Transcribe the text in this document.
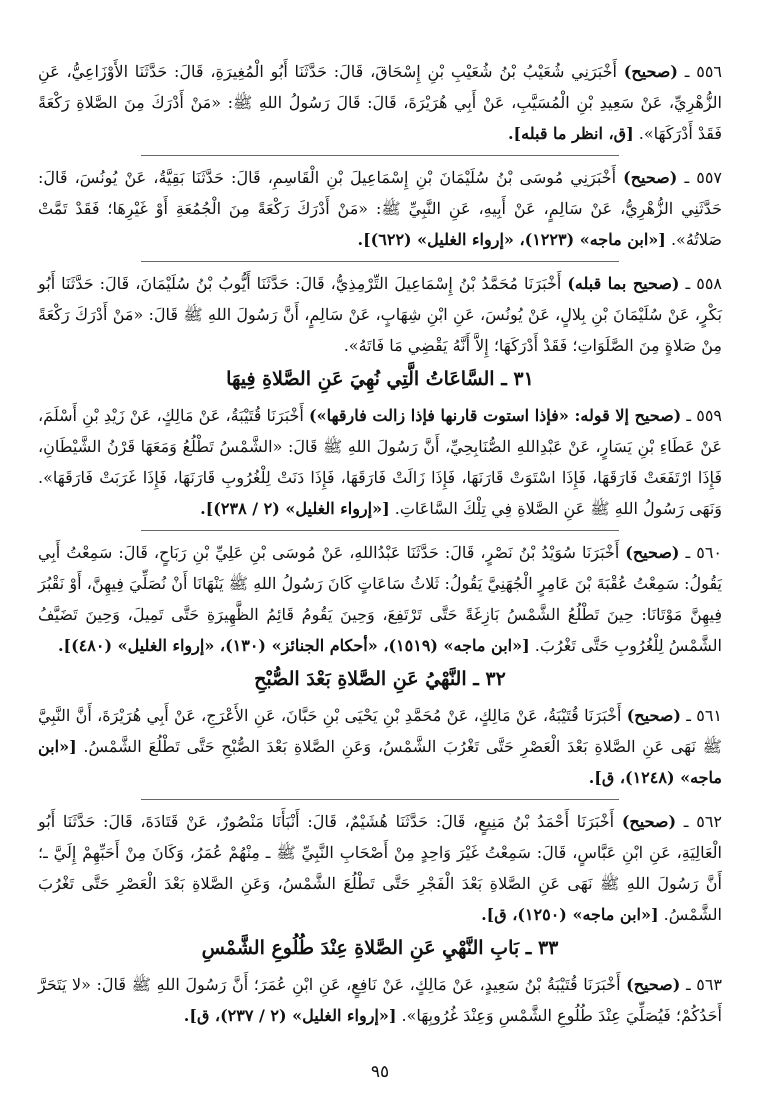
٥٥٦ ـ (صحيح) أَخْبَرَنِي شُعَيْبُ بْنُ شُعَيْبِ بْنِ إِسْحَاقَ، قَالَ: حَدَّثَنَا أَبُو الْمُغِيرَةِ، قَالَ: حَدَّثَنَا الأَوْزَاعِيُّ، عَنِ الزُّهْرِيِّ، عَنْ سَعِيدِ بْنِ الْمُسَيَّبِ، عَنْ أَبِي هُرَيْرَةَ، قَالَ: قَالَ رَسُولُ اللهِ ﷺ: «مَنْ أَدْرَكَ مِنَ الصَّلاةِ رَكْعَةً فَقَدْ أَدْرَكَهَا». [ق، انظر ما قبله].

٥٥٧ ـ (صحيح) أَخْبَرَنِي مُوسَى بْنُ سُلَيْمَانَ بْنِ إِسْمَاعِيلَ بْنِ الْقَاسِمِ، قَالَ: حَدَّثَنَا بَقِيَّةُ، عَنْ يُونُسَ، قَالَ: حَدَّثَنِي الزُّهْرِيُّ، عَنْ سَالِمٍ، عَنْ أَبِيهِ، عَنِ النَّبِيِّ ﷺ: «مَنْ أَدْرَكَ رَكْعَةً مِنَ الْجُمُعَةِ أَوْ غَيْرِهَا؛ فَقَدْ تَمَّتْ صَلاتُهُ». [«ابن ماجه» (١٢٢٣)، «إرواء الغليل» (٦٢٢)].

٥٥٨ ـ (صحيح بما قبله) أَخْبَرَنَا مُحَمَّدُ بْنُ إِسْمَاعِيلَ التِّرْمِذِيُّ، قَالَ: حَدَّثَنَا أَيُّوبُ بْنُ سُلَيْمَانَ، قَالَ: حَدَّثَنَا أَبُو بَكْرٍ، عَنْ سُلَيْمَانَ بْنِ بِلالٍ، عَنْ يُونُسَ، عَنِ ابْنِ شِهَابٍ، عَنْ سَالِمٍ، أَنَّ رَسُولَ اللهِ ﷺ قَالَ: «مَنْ أَدْرَكَ رَكْعَةً مِنْ صَلاةٍ مِنَ الصَّلَوَاتِ؛ فَقَدْ أَدْرَكَهَا؛ إِلاَّ أَنَّهُ يَقْضِي مَا فَاتَهُ».

٣١ ـ السَّاعَاتُ الَّتِي نُهِيَ عَنِ الصَّلاةِ فِيهَا

٥٥٩ ـ (صحيح إلا قوله: «فإذا استوت قارنها فإذا زالت فارقها») أَخْبَرَنَا قُتَيْبَةُ، عَنْ مَالِكٍ، عَنْ زَيْدِ بْنِ أَسْلَمَ، عَنْ عَطَاءِ بْنِ يَسَارٍ، عَنْ عَبْدِاللهِ الصُّنَابِحِيِّ، أَنَّ رَسُولَ اللهِ ﷺ قَالَ: «الشَّمْسُ تَطْلُعُ وَمَعَهَا قَرْنُ الشَّيْطَانِ، فَإِذَا ارْتَفَعَتْ فَارَقَهَا، فَإِذَا اسْتَوَتْ قَارَنَهَا، فَإِذَا زَالَتْ فَارَقَهَا، فَإِذَا دَنَتْ لِلْغُرُوبِ قَارَنَهَا، فَإِذَا غَرَبَتْ فَارَقَهَا». وَنَهَى رَسُولُ اللهِ ﷺ عَنِ الصَّلاةِ فِي تِلْكَ السَّاعَاتِ. [«إرواء الغليل» (٢ / ٢٣٨)].

٥٦٠ ـ (صحيح) أَخْبَرَنَا سُوَيْدُ بْنُ نَصْرٍ، قَالَ: حَدَّثَنَا عَبْدُاللهِ، عَنْ مُوسَى بْنِ عَلِيِّ بْنِ رَبَاحٍ، قَالَ: سَمِعْتُ أَبِي يَقُولُ: سَمِعْتُ عُقْبَةَ بْنَ عَامِرٍ الْجُهَنِيَّ يَقُولُ: ثَلاثُ سَاعَاتٍ كَانَ رَسُولُ اللهِ ﷺ يَنْهَانَا أَنْ نُصَلِّيَ فِيهِنَّ، أَوْ نَقْبُرَ فِيهِنَّ مَوْتَانَا: حِينَ تَطْلُعُ الشَّمْسُ بَازِغَةً حَتَّى تَرْتَفِعَ، وَحِينَ يَقُومُ قَائِمُ الظَّهِيرَةِ حَتَّى تَمِيلَ، وَحِينَ تَضَيَّفُ الشَّمْسُ لِلْغُرُوبِ حَتَّى تَغْرُبَ. [«ابن ماجه» (١٥١٩)، «أحكام الجنائز» (١٣٠)، «إرواء الغليل» (٤٨٠)].

٣٢ ـ النَّهْيُ عَنِ الصَّلاةِ بَعْدَ الصُّبْحِ

٥٦١ ـ (صحيح) أَخْبَرَنَا قُتَيْبَةُ، عَنْ مَالِكٍ، عَنْ مُحَمَّدِ بْنِ يَحْيَى بْنِ حَبَّانَ، عَنِ الأَعْرَجِ، عَنْ أَبِي هُرَيْرَةَ، أَنَّ النَّبِيَّ ﷺ نَهَى عَنِ الصَّلاةِ بَعْدَ الْعَصْرِ حَتَّى تَغْرُبَ الشَّمْسُ، وَعَنِ الصَّلاةِ بَعْدَ الصُّبْحِ حَتَّى تَطْلُعَ الشَّمْسُ. [«ابن ماجه» (١٢٤٨)، ق].

٥٦٢ ـ (صحيح) أَخْبَرَنَا أَحْمَدُ بْنُ مَنِيعٍ، قَالَ: حَدَّثَنَا هُشَيْمٌ، قَالَ: أَنْبَأَنَا مَنْصُورٌ، عَنْ قَتَادَةَ، قَالَ: حَدَّثَنَا أَبُو الْعَالِيَةِ، عَنِ ابْنِ عَبَّاسٍ، قَالَ: سَمِعْتُ غَيْرَ وَاحِدٍ مِنْ أَصْحَابِ النَّبِيِّ ﷺ ـ مِنْهُمْ عُمَرُ، وَكَانَ مِنْ أَحَبِّهِمْ إِلَيَّ ـ؛ أَنَّ رَسُولَ اللهِ ﷺ نَهَى عَنِ الصَّلاةِ بَعْدَ الْفَجْرِ حَتَّى تَطْلُعَ الشَّمْسُ، وَعَنِ الصَّلاةِ بَعْدَ الْعَصْرِ حَتَّى تَغْرُبَ الشَّمْسُ. [«ابن ماجه» (١٢٥٠)، ق].

٣٣ ـ بَابِ النَّهْيِ عَنِ الصَّلاةِ عِنْدَ طُلُوعِ الشَّمْسِ

٥٦٣ ـ (صحيح) أَخْبَرَنَا قُتَيْبَةُ بْنُ سَعِيدٍ، عَنْ مَالِكٍ، عَنْ نَافِعٍ، عَنِ ابْنِ عُمَرَ؛ أَنَّ رَسُولَ اللهِ ﷺ قَالَ: «لا يَتَحَرَّ أَحَدُكُمْ؛ فَيُصَلِّيَ عِنْدَ طُلُوعِ الشَّمْسِ وَعِنْدَ غُرُوبِهَا». [«إرواء الغليل» (٢ / ٢٣٧)، ق].

٩٥
